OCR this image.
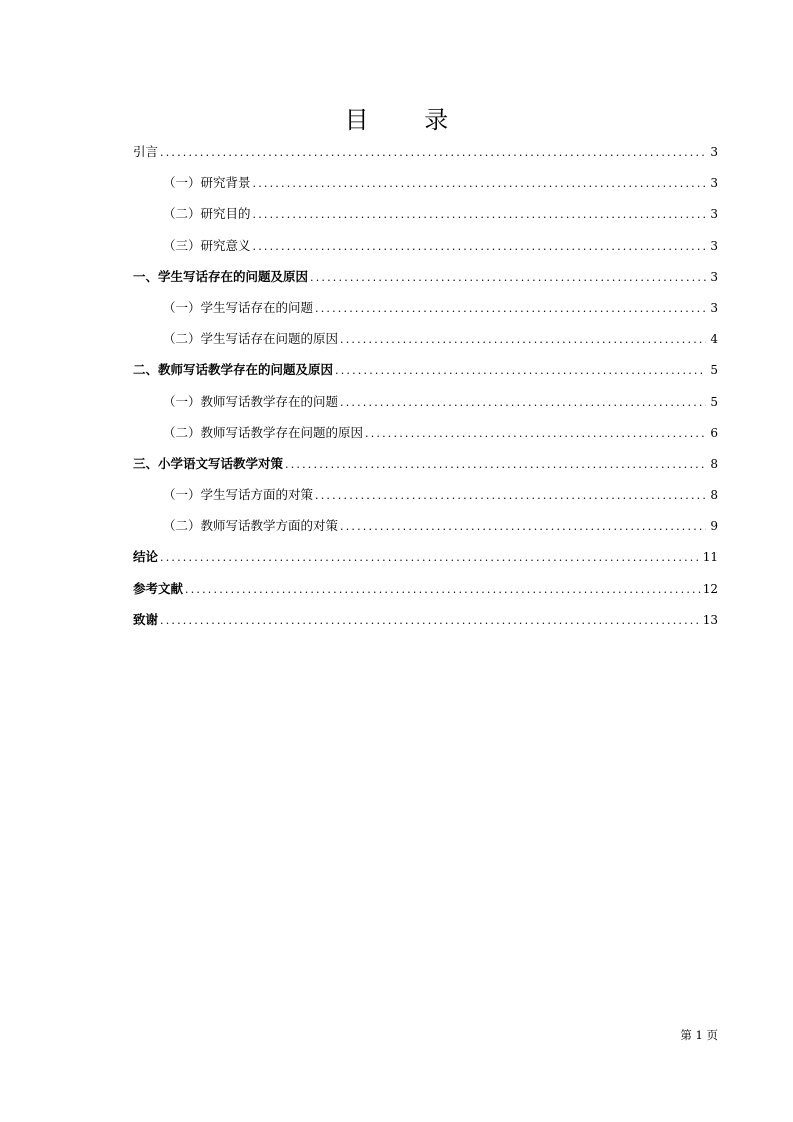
目 录
引言 .....	3
（一）研究背景 .....	3
（二）研究目的 .....	3
（三）研究意义 .....	3
一、学生写话存在的问题及原因 .....	3
（一）学生写话存在的问题 .....	3
（二）学生写话存在问题的原因 .....	4
二、教师写话教学存在的问题及原因 .....	5
（一）教师写话教学存在的问题 .....	5
（二）教师写话教学存在问题的原因 .....	6
三、小学语文写话教学对策 .....	8
（一）学生写话方面的对策 .....	8
（二）教师写话教学方面的对策 .....	9
结论 .....	11
参考文献 .....	12
致谢 .....	13
第 1 页
